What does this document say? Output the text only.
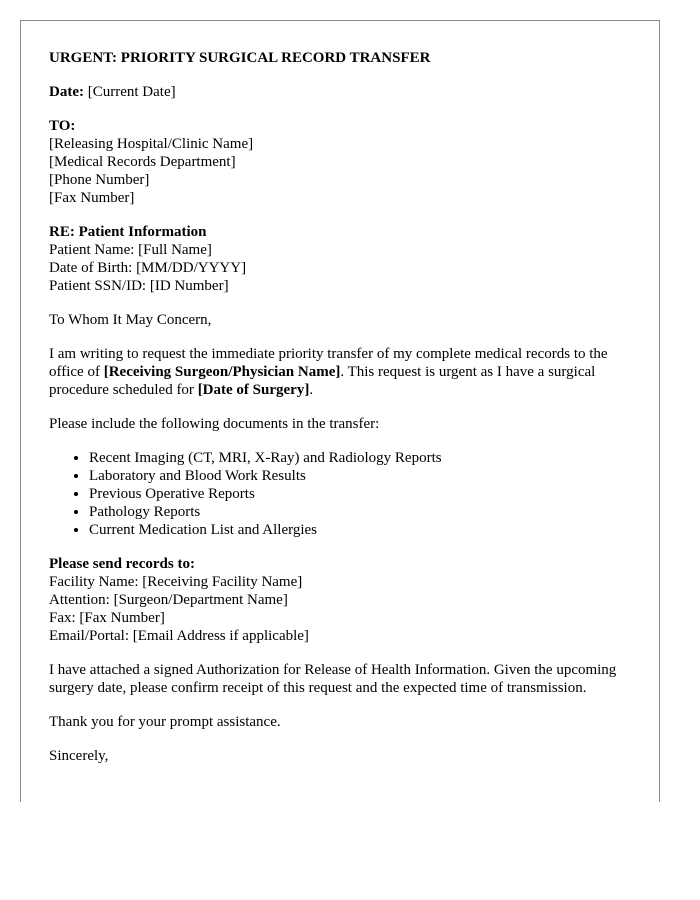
URGENT: PRIORITY SURGICAL RECORD TRANSFER

Date: [Current Date]

TO:
[Releasing Hospital/Clinic Name]
[Medical Records Department]
[Phone Number]
[Fax Number]
RE: Patient Information
Patient Name: [Full Name]
Date of Birth: [MM/DD/YYYY]
Patient SSN/ID: [ID Number]

To Whom It May Concern,

I am writing to request the immediate priority transfer of my complete medical records to the office of [Receiving Surgeon/Physician Name]. This request is urgent as I have a surgical procedure scheduled for [Date of Surgery].

Please include the following documents in the transfer:

• Recent Imaging (CT, MRI, X-Ray) and Radiology Reports
• Laboratory and Blood Work Results
• Previous Operative Reports
• Pathology Reports
• Current Medication List and Allergies
Please send records to:
Facility Name: [Receiving Facility Name]
Attention: [Surgeon/Department Name]
Fax: [Fax Number]
Email/Portal: [Email Address if applicable]

I have attached a signed Authorization for Release of Health Information. Given the upcoming surgery date, please confirm receipt of this request and the expected time of transmission.

Thank you for your prompt assistance.

Sincerely,
